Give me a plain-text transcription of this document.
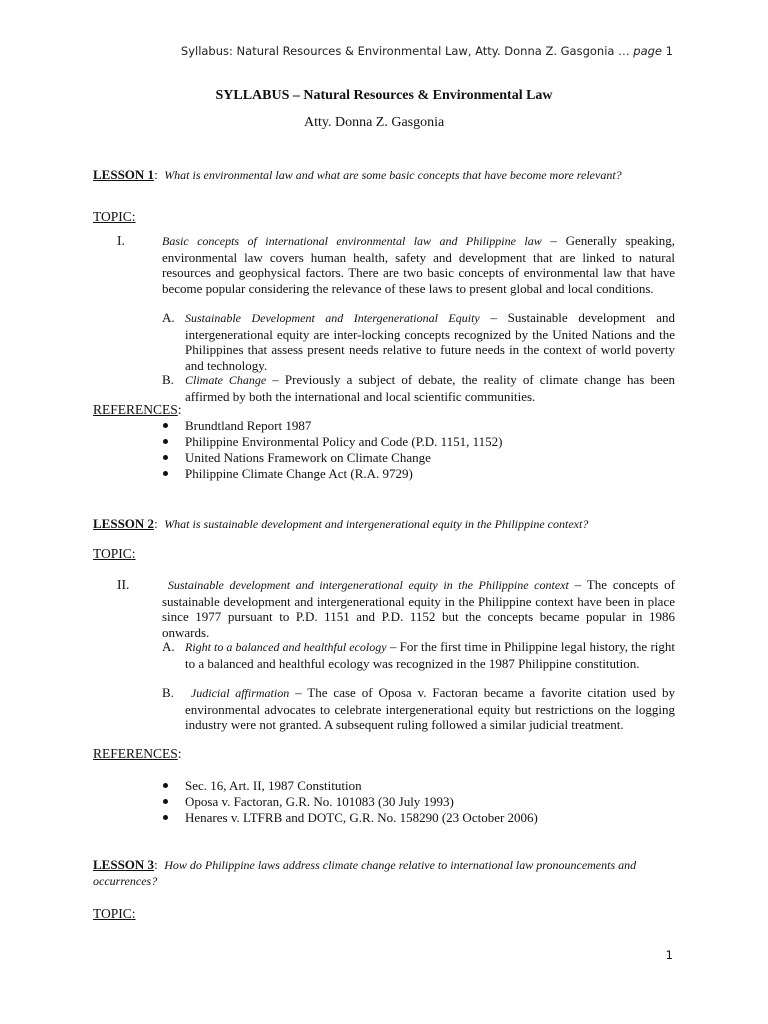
Syllabus: Natural Resources & Environmental Law, Atty. Donna Z. Gasgonia … page 1
SYLLABUS – Natural Resources & Environmental Law
Atty. Donna Z. Gasgonia
LESSON 1:  What is environmental law and what are some basic concepts that have become more relevant?
TOPIC:
I.	Basic concepts of international environmental law and Philippine law – Generally speaking, environmental law covers human health, safety and development that are linked to natural resources and geophysical factors. There are two basic concepts of environmental law that have become popular considering the relevance of these laws to present global and local conditions.
A. Sustainable Development and Intergenerational Equity – Sustainable development and intergenerational equity are inter-locking concepts recognized by the United Nations and the Philippines that assess present needs relative to future needs in the context of world poverty and technology.
B. Climate Change – Previously a subject of debate, the reality of climate change has been affirmed by both the international and local scientific communities.
REFERENCES:
Brundtland Report 1987
Philippine Environmental Policy and Code (P.D. 1151, 1152)
United Nations Framework on Climate Change
Philippine Climate Change Act (R.A. 9729)
LESSON 2:  What is sustainable development and intergenerational equity in the Philippine context?
TOPIC:
II.	Sustainable development and intergenerational equity in the Philippine context – The concepts of sustainable development and intergenerational equity in the Philippine context have been in place since 1977 pursuant to P.D. 1151 and P.D. 1152 but the concepts became popular in 1986 onwards.
A. Right to a balanced and healthful ecology – For the first time in Philippine legal history, the right to a balanced and healthful ecology was recognized in the 1987 Philippine constitution.
B.	Judicial affirmation – The case of Oposa v. Factoran became a favorite citation used by environmental advocates to celebrate intergenerational equity but restrictions on the logging industry were not granted. A subsequent ruling followed a similar judicial treatment.
REFERENCES:
Sec. 16, Art. II, 1987 Constitution
Oposa v. Factoran, G.R. No. 101083 (30 July 1993)
Henares v. LTFRB and DOTC, G.R. No. 158290 (23 October 2006)
LESSON 3:  How do Philippine laws address climate change relative to international law pronouncements and occurrences?
TOPIC:
1
